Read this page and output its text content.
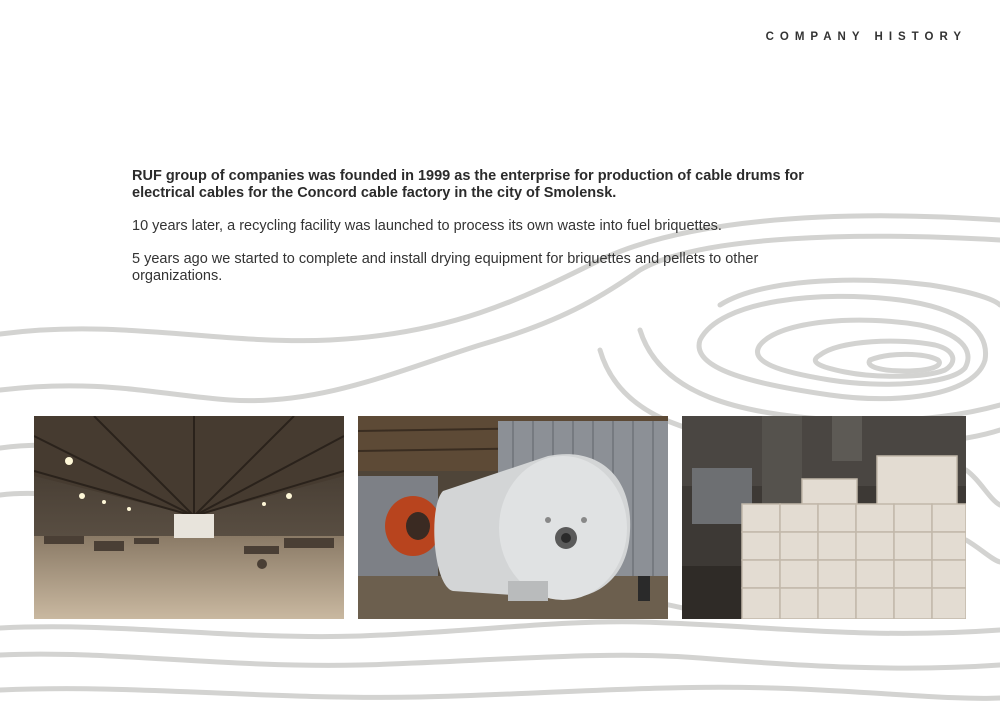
COMPANY HISTORY

RUF group of companies was founded in 1999 as the enterprise for production of cable drums for electrical cables for the Concord cable factory in the city of Smolensk.

10 years later, a recycling facility was launched to process its own waste into fuel briquettes.

5 years ago we started to complete and install drying equipment for briquettes and pellets to other organizations.
